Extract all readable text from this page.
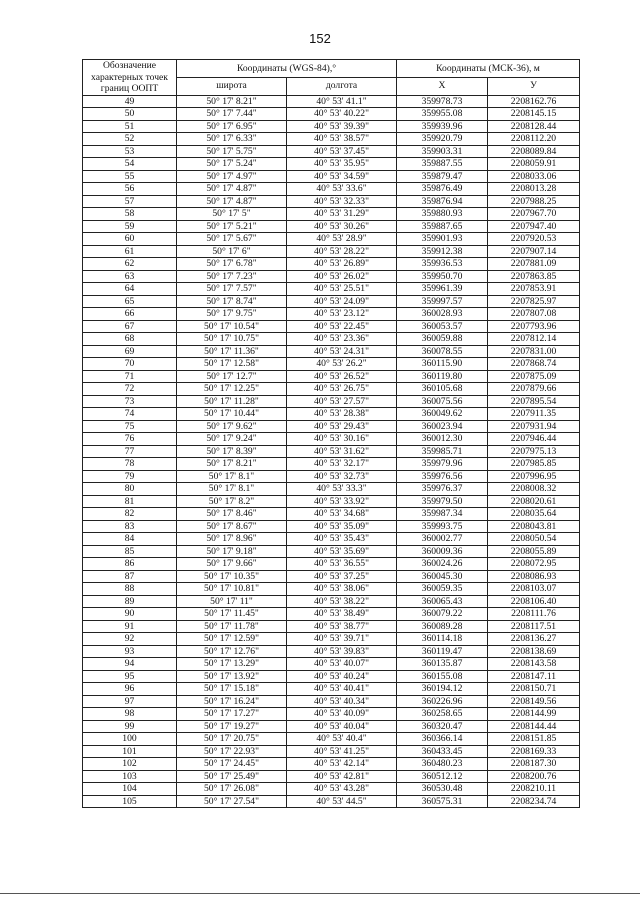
152
Обозначение характерных точек границ ООПТ	Координаты (WGS-84),°		Координаты (МСК-36), м	
	широта	долгота	Х	У
49	50° 17' 8.21"	40° 53' 41.1"	359978.73	2208162.76
50	50° 17' 7.44"	40° 53' 40.22"	359955.08	2208145.15
51	50° 17' 6.95"	40° 53' 39.39"	359939.96	2208128.44
52	50° 17' 6.33"	40° 53' 38.57"	359920.79	2208112.20
53	50° 17' 5.75"	40° 53' 37.45"	359903.31	2208089.84
54	50° 17' 5.24"	40° 53' 35.95"	359887.55	2208059.91
55	50° 17' 4.97"	40° 53' 34.59"	359879.47	2208033.06
56	50° 17' 4.87"	40° 53' 33.6"	359876.49	2208013.28
57	50° 17' 4.87"	40° 53' 32.33"	359876.94	2207988.25
58	50° 17' 5"	40° 53' 31.29"	359880.93	2207967.70
59	50° 17' 5.21"	40° 53' 30.26"	359887.65	2207947.40
60	50° 17' 5.67"	40° 53' 28.9"	359901.93	2207920.53
61	50° 17' 6"	40° 53' 28.22"	359912.38	2207907.14
62	50° 17' 6.78"	40° 53' 26.89"	359936.53	2207881.09
63	50° 17' 7.23"	40° 53' 26.02"	359950.70	2207863.85
64	50° 17' 7.57"	40° 53' 25.51"	359961.39	2207853.91
65	50° 17' 8.74"	40° 53' 24.09"	359997.57	2207825.97
66	50° 17' 9.75"	40° 53' 23.12"	360028.93	2207807.08
67	50° 17' 10.54"	40° 53' 22.45"	360053.57	2207793.96
68	50° 17' 10.75"	40° 53' 23.36"	360059.88	2207812.14
69	50° 17' 11.36"	40° 53' 24.31"	360078.55	2207831.00
70	50° 17' 12.58"	40° 53' 26.2"	360115.90	2207868.74
71	50° 17' 12.7"	40° 53' 26.52"	360119.80	2207875.09
72	50° 17' 12.25"	40° 53' 26.75"	360105.68	2207879.66
73	50° 17' 11.28"	40° 53' 27.57"	360075.56	2207895.54
74	50° 17' 10.44"	40° 53' 28.38"	360049.62	2207911.35
75	50° 17' 9.62"	40° 53' 29.43"	360023.94	2207931.94
76	50° 17' 9.24"	40° 53' 30.16"	360012.30	2207946.44
77	50° 17' 8.39"	40° 53' 31.62"	359985.71	2207975.13
78	50° 17' 8.21"	40° 53' 32.17"	359979.96	2207985.85
79	50° 17' 8.1"	40° 53' 32.73"	359976.56	2207996.95
80	50° 17' 8.1"	40° 53' 33.3"	359976.37	2208008.32
81	50° 17' 8.2"	40° 53' 33.92"	359979.50	2208020.61
82	50° 17' 8.46"	40° 53' 34.68"	359987.34	2208035.64
83	50° 17' 8.67"	40° 53' 35.09"	359993.75	2208043.81
84	50° 17' 8.96"	40° 53' 35.43"	360002.77	2208050.54
85	50° 17' 9.18"	40° 53' 35.69"	360009.36	2208055.89
86	50° 17' 9.66"	40° 53' 36.55"	360024.26	2208072.95
87	50° 17' 10.35"	40° 53' 37.25"	360045.30	2208086.93
88	50° 17' 10.81"	40° 53' 38.06"	360059.35	2208103.07
89	50° 17' 11"	40° 53' 38.22"	360065.43	2208106.40
90	50° 17' 11.45"	40° 53' 38.49"	360079.22	2208111.76
91	50° 17' 11.78"	40° 53' 38.77"	360089.28	2208117.51
92	50° 17' 12.59"	40° 53' 39.71"	360114.18	2208136.27
93	50° 17' 12.76"	40° 53' 39.83"	360119.47	2208138.69
94	50° 17' 13.29"	40° 53' 40.07"	360135.87	2208143.58
95	50° 17' 13.92"	40° 53' 40.24"	360155.08	2208147.11
96	50° 17' 15.18"	40° 53' 40.41"	360194.12	2208150.71
97	50° 17' 16.24"	40° 53' 40.34"	360226.96	2208149.56
98	50° 17' 17.27"	40° 53' 40.09"	360258.65	2208144.99
99	50° 17' 19.27"	40° 53' 40.04"	360320.47	2208144.44
100	50° 17' 20.75"	40° 53' 40.4"	360366.14	2208151.85
101	50° 17' 22.93"	40° 53' 41.25"	360433.45	2208169.33
102	50° 17' 24.45"	40° 53' 42.14"	360480.23	2208187.30
103	50° 17' 25.49"	40° 53' 42.81"	360512.12	2208200.76
104	50° 17' 26.08"	40° 53' 43.28"	360530.48	2208210.11
105	50° 17' 27.54"	40° 53' 44.5"	360575.31	2208234.74
